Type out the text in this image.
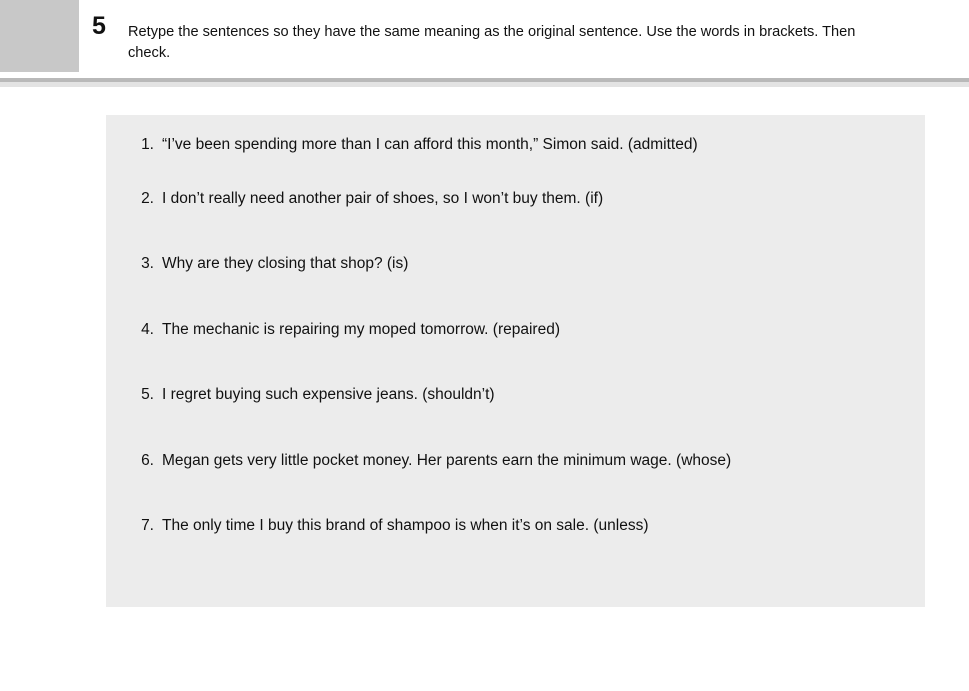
5 Retype the sentences so they have the same meaning as the original sentence. Use the words in brackets. Then check.
1. “I’ve been spending more than I can afford this month,” Simon said. (admitted)
2. I don’t really need another pair of shoes, so I won’t buy them. (if)
3. Why are they closing that shop? (is)
4. The mechanic is repairing my moped tomorrow. (repaired)
5. I regret buying such expensive jeans. (shouldn’t)
6. Megan gets very little pocket money. Her parents earn the minimum wage. (whose)
7. The only time I buy this brand of shampoo is when it’s on sale. (unless)
